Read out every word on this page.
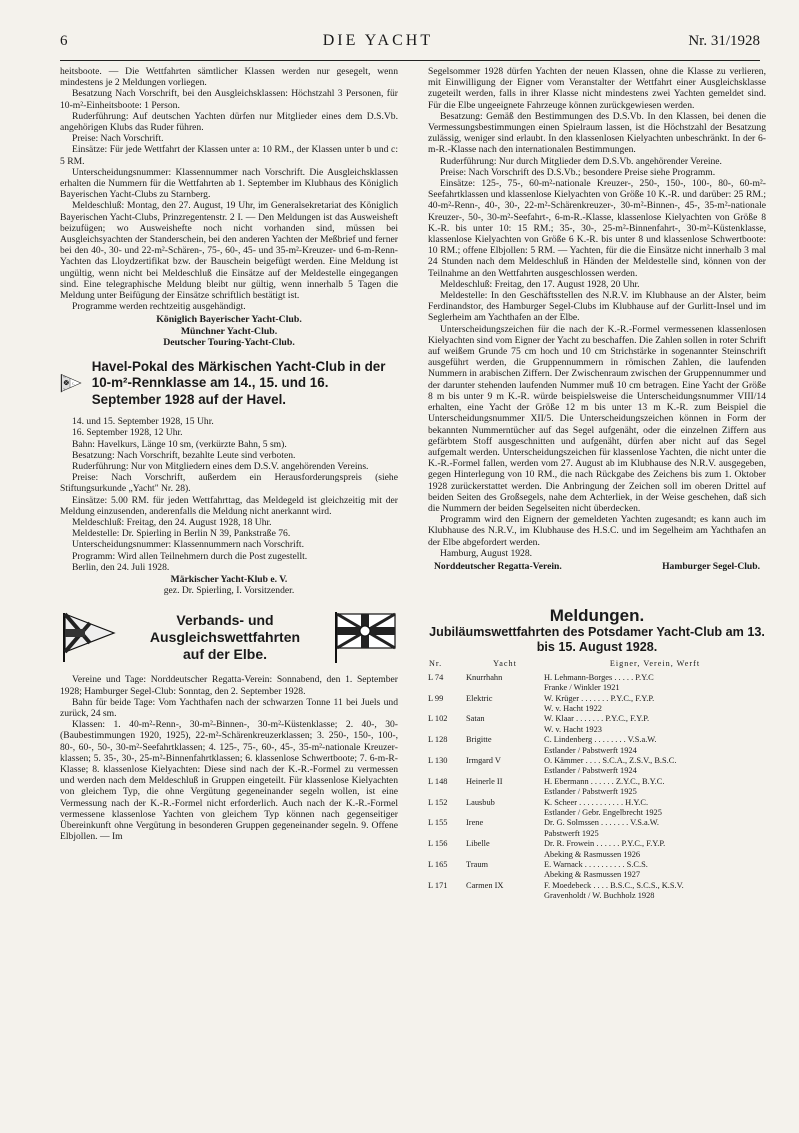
6	DIE YACHT	Nr. 31/1928

heitsboote. — Die Wettfahrten sämtlicher Klassen werden nur gesegelt, wenn mindestens je 2 Meldungen vorliegen.

Besatzung Nach Vorschrift, bei den Ausgleichsklassen: Höchstzahl 3 Personen, für 10-m²-Einheitsboote: 1 Person.

Ruderführung: Auf deutschen Yachten dürfen nur Mitglieder eines dem D.S.Vb. angehörigen Klubs das Ruder führen.

Preise: Nach Vorschrift.

Einsätze: Für jede Wettfahrt der Klassen unter a: 10 RM., der Klassen unter b und c: 5 RM.

Unterscheidungsnummer: Klassennummer nach Vorschrift. Die Ausgleichsklassen erhalten die Nummern für die Wettfahrten ab 1. September im Klubhaus des Königlich Bayerischen Yacht-Clubs zu Starnberg.

Meldeschluß: Montag, den 27. August, 19 Uhr, im Generalsekretariat des Königlich Bayerischen Yacht-Clubs, Prinzregentenstr. 2 I. — Den Meldungen ist das Ausweisheft beizufügen; wo Ausweishefte noch nicht vorhanden sind, müssen bei Ausgleichsyachten der Standerschein, bei den anderen Yachten der Meßbrief und ferner bei den 40-, 30- und 22-m²-Schären-, 75-, 60-, 45- und 35-m²-Kreuzer- und 6-m-Renn-Yachten das Lloydzertifikat bzw. der Bauschein beigefügt werden. Eine Meldung ist ungültig, wenn nicht bei Meldeschluß die Einsätze auf der Meldestelle eingegangen sind. Eine telegraphische Meldung bleibt nur gültig, wenn innerhalb 5 Tagen die Meldung unter Beifügung der Einsätze schriftlich bestätigt ist.

Programme werden rechtzeitig ausgehändigt.

Königlich Bayerischer Yacht-Club.
Münchner Yacht-Club.
Deutscher Touring-Yacht-Club.
M
C.
Y.
Havel-Pokal des Märkischen Yacht-Club in der 10-m²-Rennklasse am 14., 15. und 16. September 1928 auf der Havel.

14. und 15. September 1928, 15 Uhr.

16. September 1928, 12 Uhr.

Bahn: Havelkurs, Länge 10 sm, (verkürzte Bahn, 5 sm).

Besatzung: Nach Vorschrift, bezahlte Leute sind verboten.

Ruderführung: Nur von Mitgliedern eines dem D.S.V. angehörenden Vereins.

Preise: Nach Vorschrift, außerdem ein Herausforderungspreis (siehe Stiftungsurkunde „Yacht" Nr. 28).

Einsätze: 5.00 RM. für jeden Wettfahrttag, das Meldegeld ist gleichzeitig mit der Meldung einzusenden, anderenfalls die Meldung nicht anerkannt wird.

Meldeschluß: Freitag, den 24. August 1928, 18 Uhr.

Meldestelle: Dr. Spierling in Berlin N 39, Pankstraße 76.

Unterscheidungsnummer: Klassennummern nach Vorschrift.

Programm: Wird allen Teilnehmern durch die Post zugestellt.

Berlin, den 24. Juli 1928.

Märkischer Yacht-Klub e. V.
gez. Dr. Spierling, I. Vorsitzender.
Verbands- und Ausgleichswettfahrten auf der Elbe.

Vereine und Tage: Norddeutscher Regatta-Verein: Sonnabend, den 1. September 1928; Hamburger Segel-Club: Sonntag, den 2. September 1928.

Bahn für beide Tage: Vom Yachthafen nach der schwarzen Tonne 11 bei Juels und zurück, 24 sm.

Klassen: 1. 40-m²-Renn-, 30-m²-Binnen-, 30-m²-Küstenklasse; 2. 40-, 30- (Baubestimmungen 1920, 1925), 22-m²-Schärenkreuzerklassen; 3. 250-, 150-, 100-, 80-, 60-, 50-, 30-m²-Seefahrtklassen; 4. 125-, 75-, 60-, 45-, 35-m²-nationale Kreuzerklassen; 5. 35-, 30-, 25-m²-Binnenfahrtklassen; 6. klassenlose Schwertboote; 7. 6-m-R-Klasse; 8. klassenlose Kielyachten: Diese sind nach der K.-R.-Formel zu vermessen und werden nach dem Meldeschluß in Gruppen eingeteilt. Für klassenlose Kielyachten von gleichem Typ, die ohne Vergütung gegeneinander segeln wollen, ist eine Vermessung nach der K.-R.-Formel nicht erforderlich. Auch nach der K.-R.-Formel vermessene klassenlose Yachten von gleichem Typ können nach gegenseitiger Übereinkunft ohne Vergütung in besonderen Gruppen gegeneinander segeln. 9. Offene Elbjollen. — Im

Segelsommer 1928 dürfen Yachten der neuen Klassen, ohne die Klasse zu verlieren, mit Einwilligung der Eigner vom Veranstalter der Wettfahrt einer Ausgleichsklasse zugeteilt werden, falls in ihrer Klasse nicht mindestens zwei Yachten gemeldet sind. Für die Elbe ungeeignete Fahrzeuge können zurückgewiesen werden.

Besatzung: Gemäß den Bestimmungen des D.S.Vb. In den Klassen, bei denen die Vermessungsbestimmungen einen Spielraum lassen, ist die Höchstzahl der Besatzung zulässig, weniger sind erlaubt. In den klassenlosen Kielyachten unbeschränkt. In der 6-m-R.-Klasse nach den internationalen Bestimmungen.

Ruderführung: Nur durch Mitglieder dem D.S.Vb. angehörender Vereine.

Preise: Nach Vorschrift des D.S.Vb.; besondere Preise siehe Programm.

Einsätze: 125-, 75-, 60-m²-nationale Kreuzer-, 250-, 150-, 100-, 80-, 60-m²-Seefahrtklassen und klassenlose Kielyachten von Größe 10 K.-R. und darüber: 25 RM.; 40-m²-Renn-, 40-, 30-, 22-m²-Schärenkreuzer-, 30-m²-Binnen-, 45-, 35-m²-nationale Kreuzer-, 50-, 30-m²-Seefahrt-, 6-m-R.-Klasse, klassenlose Kielyachten von Größe 8 K.-R. bis unter 10: 15 RM.; 35-, 30-, 25-m²-Binnenfahrt-, 30-m²-Küstenklasse, klassenlose Kielyachten von Größe 6 K.-R. bis unter 8 und klassenlose Schwertboote: 10 RM.; offene Elbjollen: 5 RM. — Yachten, für die die Einsätze nicht innerhalb 3 mal 24 Stunden nach dem Meldeschluß in Händen der Meldestelle sind, können von der Teilnahme an den Wettfahrten ausgeschlossen werden.

Meldeschluß: Freitag, den 17. August 1928, 20 Uhr.

Meldestelle: In den Geschäftsstellen des N.R.V. im Klubhause an der Alster, beim Ferdinandstor, des Hamburger Segel-Clubs im Klubhause auf der Gurlitt-Insel und im Seglerheim am Yachthafen an der Elbe.

Unterscheidungszeichen für die nach der K.-R.-Formel vermessenen klassenlosen Kielyachten sind vom Eigner der Yacht zu beschaffen. Die Zahlen sollen in roter Schrift auf weißem Grunde 75 cm hoch und 10 cm Strichstärke in sogenannter Steinschrift ausgeführt werden, die Gruppennummern in römischen Zahlen, die laufenden Nummern in arabischen Ziffern. Der Zwischenraum zwischen der Gruppennummer und der darunter stehenden laufenden Nummer muß 10 cm betragen. Eine Yacht der Größe 8 m bis unter 9 m K.-R. würde beispielsweise die Unterscheidungsnummer VIII/14 erhalten, eine Yacht der Größe 12 m bis unter 13 m K.-R. zum Beispiel die Unterscheidungsnummer XII/5. Die Unterscheidungszeichen können in Form der bekannten Nummerntücher auf das Segel aufgenäht, oder die einzelnen Ziffern aus gefärbtem Stoff ausgeschnitten und aufgenäht, dürfen aber nicht auf das Segel aufgemalt werden. Unterscheidungszeichen für klassenlose Yachten, die nicht unter die K.-R.-Formel fallen, werden vom 27. August ab im Klubhause des N.R.V. ausgegeben, gegen Hinterlegung von 10 RM., die nach Rückgabe des Zeichens bis zum 1. Oktober 1928 zurückerstattet werden. Die Anbringung der Zeichen soll im oberen Drittel auf beiden Seiten des Großsegels, nahe dem Achterliek, in der Weise geschehen, daß sich die Nummern der beiden Segelseiten nicht überdecken.

Programm wird den Eignern der gemeldeten Yachten zugesandt; es kann auch im Klubhause des N.R.V., im Klubhause des H.S.C. und im Segelheim am Yachthafen an der Elbe abgefordert werden.

Hamburg, August 1928.

Norddeutscher Regatta-Verein.	Hamburger Segel-Club.
Meldungen.
Jubiläumswettfahrten des Potsdamer Yacht-Club am 13. bis 15. August 1928.
Nr.	Yacht	Eigner, Verein, Werft
L 74	Knurrhahn	H. Lehmann-Borges . . . . . P.Y.C
		Franke / Winkler 1921
L 99	Elektric	W. Krüger . . . . . . . P.Y.C., F.Y.P.
		W. v. Hacht 1922
L 102	Satan	W. Klaar . . . . . . . P.Y.C., F.Y.P.
		W. v. Hacht 1923
L 128	Brigitte	C. Lindenberg . . . . . . . . V.S.a.W.
		Estlander / Pabstwerft 1924
L 130	Irmgard V	O. Kämmer . . . . S.C.A., Z.S.V., B.S.C.
		Estlander / Pabstwerft 1924
L 148	Heinerle II	H. Ebermann . . . . . . Z.Y.C., B.Y.C.
		Estlander / Pabstwerft 1925
L 152	Lausbub	K. Scheer . . . . . . . . . . . H.Y.C.
		Estlander / Gebr. Engelbrecht 1925
L 155	Irene	Dr. G. Solmssen . . . . . . . V.S.a.W.
		Pabstwerft 1925
L 156	Libelle	Dr. R. Frowein . . . . . . P.Y.C., F.Y.P.
		Abeking & Rasmussen 1926
L 165	Traum	E. Warnack . . . . . . . . . . S.C.S.
		Abeking & Rasmussen 1927
L 171	Carmen IX	F. Moedebeck . . . . B.S.C., S.C.S., K.S.V.
		Gravenholdt / W. Buchholz 1928
